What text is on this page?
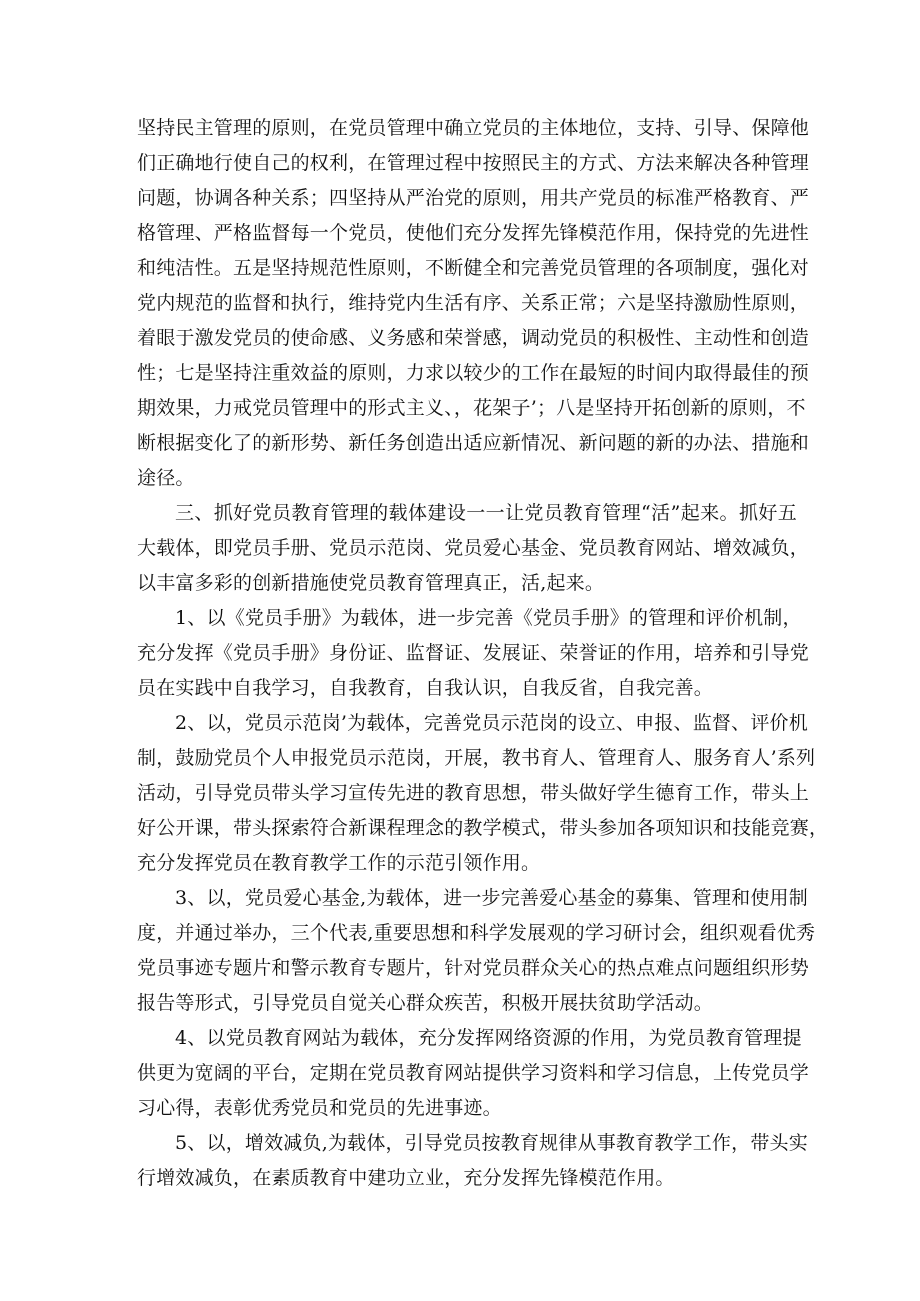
坚持民主管理的原则，在党员管理中确立党员的主体地位，支持、引导、保障他
们正确地行使自己的权利，在管理过程中按照民主的方式、方法来解决各种管理
问题，协调各种关系；四坚持从严治党的原则，用共产党员的标准严格教育、严
格管理、严格监督每一个党员，使他们充分发挥先锋模范作用，保持党的先进性
和纯洁性。五是坚持规范性原则，不断健全和完善党员管理的各项制度，强化对
党内规范的监督和执行，维持党内生活有序、关系正常；六是坚持激励性原则，
着眼于激发党员的使命感、义务感和荣誉感，调动党员的积极性、主动性和创造
性；七是坚持注重效益的原则，力求以较少的工作在最短的时间内取得最佳的预
期效果，力戒党员管理中的形式主义、，花架子’；八是坚持开拓创新的原则，不
断根据变化了的新形势、新任务创造出适应新情况、新问题的新的办法、措施和
途径。
三、抓好党员教育管理的载体建设一一让党员教育管理“活”起来。抓好五
大载体，即党员手册、党员示范岗、党员爱心基金、党员教育网站、增效减负，
以丰富多彩的创新措施使党员教育管理真正，活,起来。
1、以《党员手册》为载体，进一步完善《党员手册》的管理和评价机制，
充分发挥《党员手册》身份证、监督证、发展证、荣誉证的作用，培养和引导党
员在实践中自我学习，自我教育，自我认识，自我反省，自我完善。
2、以，党员示范岗’为载体，完善党员示范岗的设立、申报、监督、评价机
制，鼓励党员个人申报党员示范岗，开展，教书育人、管理育人、服务育人’系列
活动，引导党员带头学习宣传先进的教育思想，带头做好学生德育工作，带头上
好公开课，带头探索符合新课程理念的教学模式，带头参加各项知识和技能竞赛，
充分发挥党员在教育教学工作的示范引领作用。
3、以，党员爱心基金,为载体，进一步完善爱心基金的募集、管理和使用制
度，并通过举办，三个代表,重要思想和科学发展观的学习研讨会，组织观看优秀
党员事迹专题片和警示教育专题片，针对党员群众关心的热点难点问题组织形势
报告等形式，引导党员自觉关心群众疾苦，积极开展扶贫助学活动。
4、以党员教育网站为载体，充分发挥网络资源的作用，为党员教育管理提
供更为宽阔的平台，定期在党员教育网站提供学习资料和学习信息，上传党员学
习心得，表彰优秀党员和党员的先进事迹。
5、以，增效减负,为载体，引导党员按教育规律从事教育教学工作，带头实
行增效减负，在素质教育中建功立业，充分发挥先锋模范作用。
